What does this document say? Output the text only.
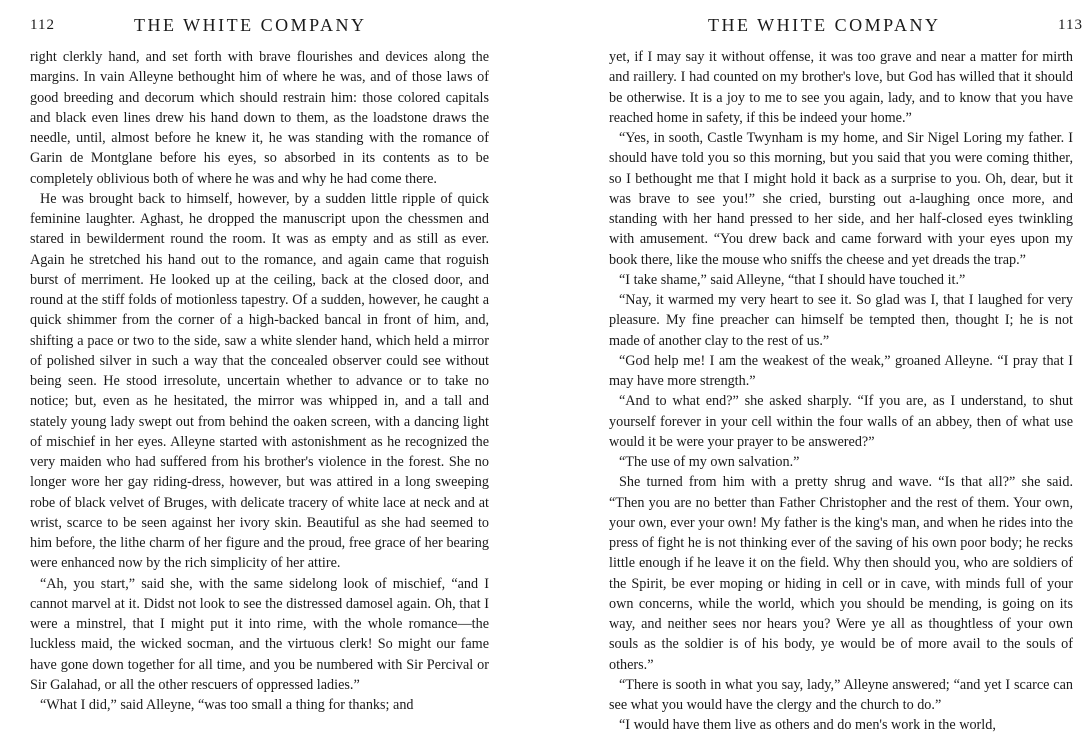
112	THE WHITE COMPANY

right clerkly hand, and set forth with brave flourishes and devices along the margins. In vain Alleyne bethought him of where he was, and of those laws of good breeding and decorum which should restrain him: those colored capitals and black even lines drew his hand down to them, as the loadstone draws the needle, until, almost before he knew it, he was standing with the romance of Garin de Montglane before his eyes, so absorbed in its contents as to be completely oblivious both of where he was and why he had come there.

He was brought back to himself, however, by a sudden little ripple of quick feminine laughter. Aghast, he dropped the manuscript upon the chessmen and stared in bewilderment round the room. It was as empty and as still as ever. Again he stretched his hand out to the romance, and again came that roguish burst of merriment. He looked up at the ceiling, back at the closed door, and round at the stiff folds of motionless tapestry. Of a sudden, however, he caught a quick shimmer from the corner of a high-backed bancal in front of him, and, shifting a pace or two to the side, saw a white slender hand, which held a mirror of polished silver in such a way that the concealed observer could see without being seen. He stood irresolute, uncertain whether to advance or to take no notice; but, even as he hesitated, the mirror was whipped in, and a tall and stately young lady swept out from behind the oaken screen, with a dancing light of mischief in her eyes. Alleyne started with astonishment as he recognized the very maiden who had suffered from his brother's violence in the forest. She no longer wore her gay riding-dress, however, but was attired in a long sweeping robe of black velvet of Bruges, with delicate tracery of white lace at neck and at wrist, scarce to be seen against her ivory skin. Beautiful as she had seemed to him before, the lithe charm of her figure and the proud, free grace of her bearing were enhanced now by the rich simplicity of her attire.

“Ah, you start,” said she, with the same sidelong look of mischief, “and I cannot marvel at it. Didst not look to see the distressed damosel again. Oh, that I were a minstrel, that I might put it into rime, with the whole romance—the luckless maid, the wicked socman, and the virtuous clerk! So might our fame have gone down together for all time, and you be numbered with Sir Percival or Sir Galahad, or all the other rescuers of oppressed ladies.”

“What I did,” said Alleyne, “was too small a thing for thanks; and

THE WHITE COMPANY	113

yet, if I may say it without offense, it was too grave and near a matter for mirth and raillery. I had counted on my brother's love, but God has willed that it should be otherwise. It is a joy to me to see you again, lady, and to know that you have reached home in safety, if this be indeed your home.”

“Yes, in sooth, Castle Twynham is my home, and Sir Nigel Loring my father. I should have told you so this morning, but you said that you were coming thither, so I bethought me that I might hold it back as a surprise to you. Oh, dear, but it was brave to see you!” she cried, bursting out a-laughing once more, and standing with her hand pressed to her side, and her half-closed eyes twinkling with amusement. “You drew back and came forward with your eyes upon my book there, like the mouse who sniffs the cheese and yet dreads the trap.”

“I take shame,” said Alleyne, “that I should have touched it.”

“Nay, it warmed my very heart to see it. So glad was I, that I laughed for very pleasure. My fine preacher can himself be tempted then, thought I; he is not made of another clay to the rest of us.”

“God help me! I am the weakest of the weak,” groaned Alleyne. “I pray that I may have more strength.”

“And to what end?” she asked sharply. “If you are, as I understand, to shut yourself forever in your cell within the four walls of an abbey, then of what use would it be were your prayer to be answered?”

“The use of my own salvation.”

She turned from him with a pretty shrug and wave. “Is that all?” she said. “Then you are no better than Father Christopher and the rest of them. Your own, your own, ever your own! My father is the king's man, and when he rides into the press of fight he is not thinking ever of the saving of his own poor body; he recks little enough if he leave it on the field. Why then should you, who are soldiers of the Spirit, be ever moping or hiding in cell or in cave, with minds full of your own concerns, while the world, which you should be mending, is going on its way, and neither sees nor hears you? Were ye all as thoughtless of your own souls as the soldier is of his body, ye would be of more avail to the souls of others.”

“There is sooth in what you say, lady,” Alleyne answered; “and yet I scarce can see what you would have the clergy and the church to do.”

“I would have them live as others and do men's work in the world,
